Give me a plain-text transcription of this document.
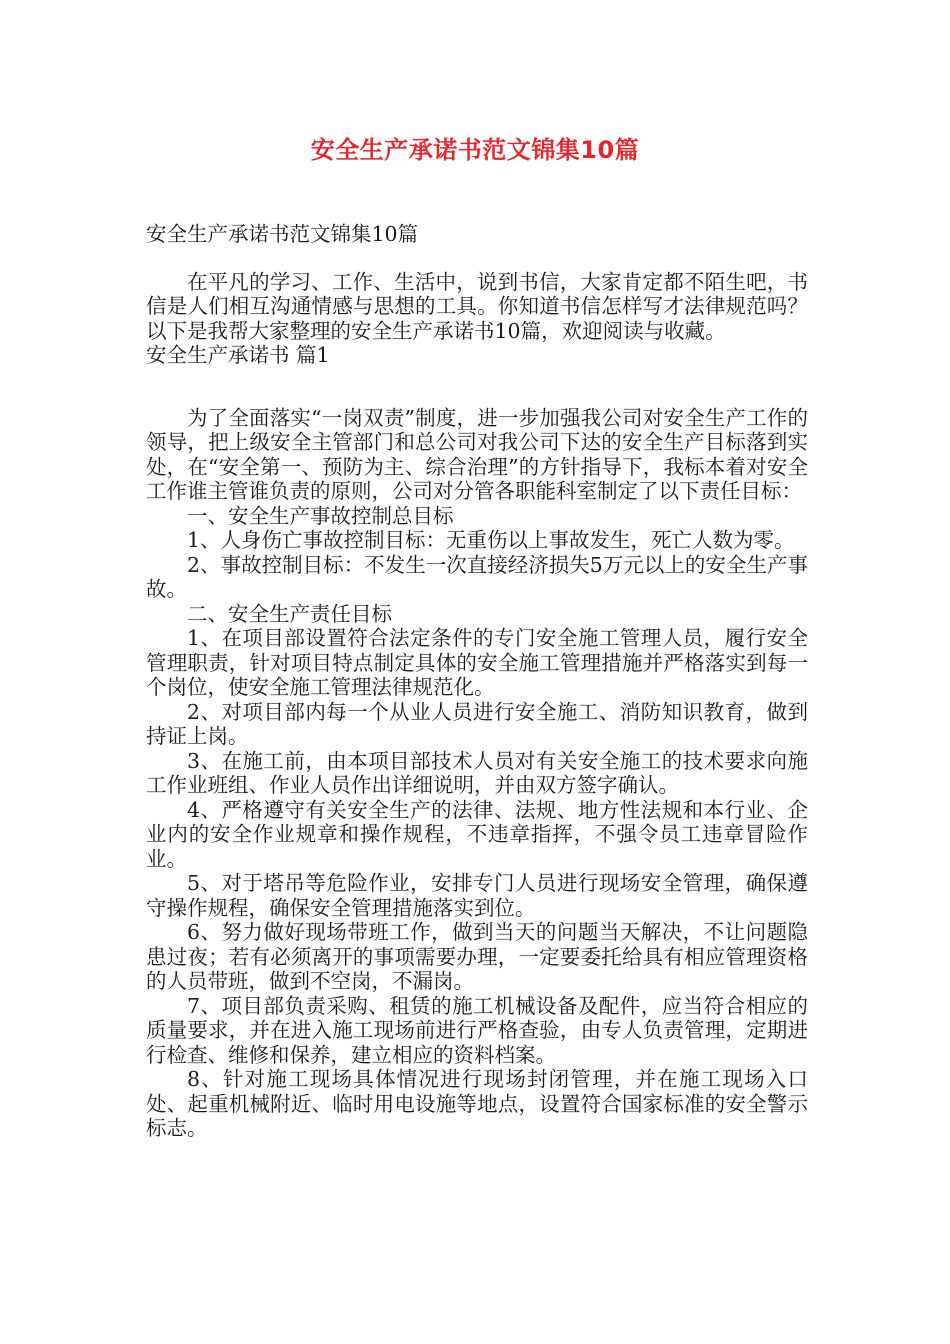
安全生产承诺书范文锦集10篇

安全生产承诺书范文锦集10篇

在平凡的学习、工作、生活中，说到书信，大家肯定都不陌生吧，书信是人们相互沟通情感与思想的工具。你知道书信怎样写才法律规范吗？以下是我帮大家整理的安全生产承诺书10篇，欢迎阅读与收藏。

安全生产承诺书 篇1

为了全面落实“一岗双责”制度，进一步加强我公司对安全生产工作的领导，把上级安全主管部门和总公司对我公司下达的安全生产目标落到实处，在“安全第一、预防为主、综合治理”的方针指导下，我标本着对安全工作谁主管谁负责的原则，公司对分管各职能科室制定了以下责任目标：

一、安全生产事故控制总目标

1、人身伤亡事故控制目标：无重伤以上事故发生，死亡人数为零。

2、事故控制目标：不发生一次直接经济损失5万元以上的安全生产事故。

二、安全生产责任目标

1、在项目部设置符合法定条件的专门安全施工管理人员，履行安全管理职责，针对项目特点制定具体的安全施工管理措施并严格落实到每一个岗位，使安全施工管理法律规范化。

2、对项目部内每一个从业人员进行安全施工、消防知识教育，做到持证上岗。

3、在施工前，由本项目部技术人员对有关安全施工的技术要求向施工作业班组、作业人员作出详细说明，并由双方签字确认。

4、严格遵守有关安全生产的法律、法规、地方性法规和本行业、企业内的安全作业规章和操作规程，不违章指挥，不强令员工违章冒险作业。

5、对于塔吊等危险作业，安排专门人员进行现场安全管理，确保遵守操作规程，确保安全管理措施落实到位。

6、努力做好现场带班工作，做到当天的问题当天解决，不让问题隐患过夜；若有必须离开的事项需要办理，一定要委托给具有相应管理资格的人员带班，做到不空岗，不漏岗。

7、项目部负责采购、租赁的施工机械设备及配件，应当符合相应的质量要求，并在进入施工现场前进行严格查验，由专人负责管理，定期进行检查、维修和保养，建立相应的资料档案。

8、针对施工现场具体情况进行现场封闭管理，并在施工现场入口处、起重机械附近、临时用电设施等地点，设置符合国家标准的安全警示标志。
